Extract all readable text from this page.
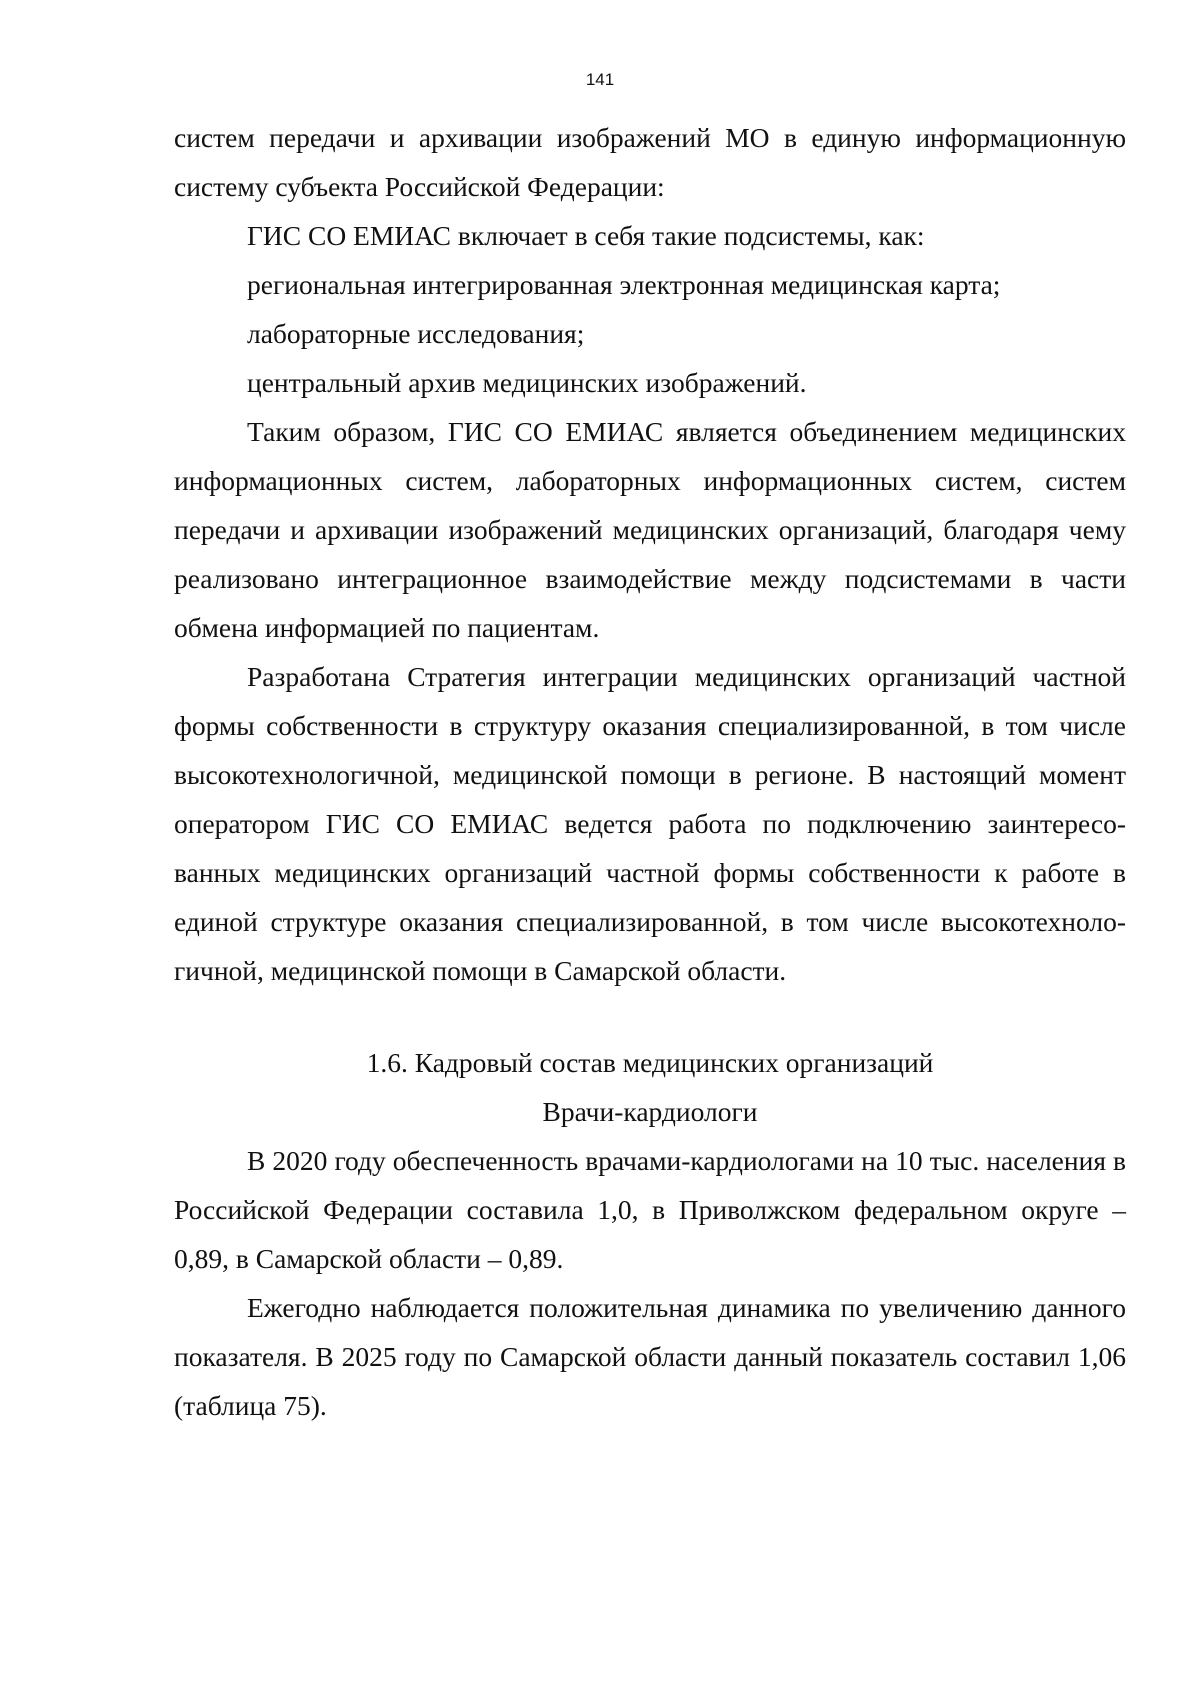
141

систем передачи и архивации изображений МО в единую информационную систему субъекта Российской Федерации:

ГИС СО ЕМИАС включает в себя такие подсистемы, как:

региональная интегрированная электронная медицинская карта;

лабораторные исследования;

центральный архив медицинских изображений.

Таким образом, ГИС СО ЕМИАС является объединением медицинских информационных систем, лабораторных информационных систем, систем передачи и архивации изображений медицинских организаций, благодаря чему реализовано интеграционное взаимодействие между подсистемами в части обмена информацией по пациентам.

Разработана Стратегия интеграции медицинских организаций частной формы собственности в структуру оказания специализированной, в том числе высокотехнологичной, медицинской помощи в регионе. В настоящий момент оператором ГИС СО ЕМИАС ведется работа по подключению заинтересованных медицинских организаций частной формы собственности к работе в единой структуре оказания специализированной, в том числе высокотехнологичной, медицинской помощи в Самарской области.

1.6. Кадровый состав медицинских организаций

Врачи-кардиологи

В 2020 году обеспеченность врачами-кардиологами на 10 тыс. населения в Российской Федерации составила 1,0, в Приволжском федеральном округе – 0,89, в Самарской области – 0,89.

Ежегодно наблюдается положительная динамика по увеличению данного показателя. В 2025 году по Самарской области данный показатель составил 1,06 (таблица 75).
